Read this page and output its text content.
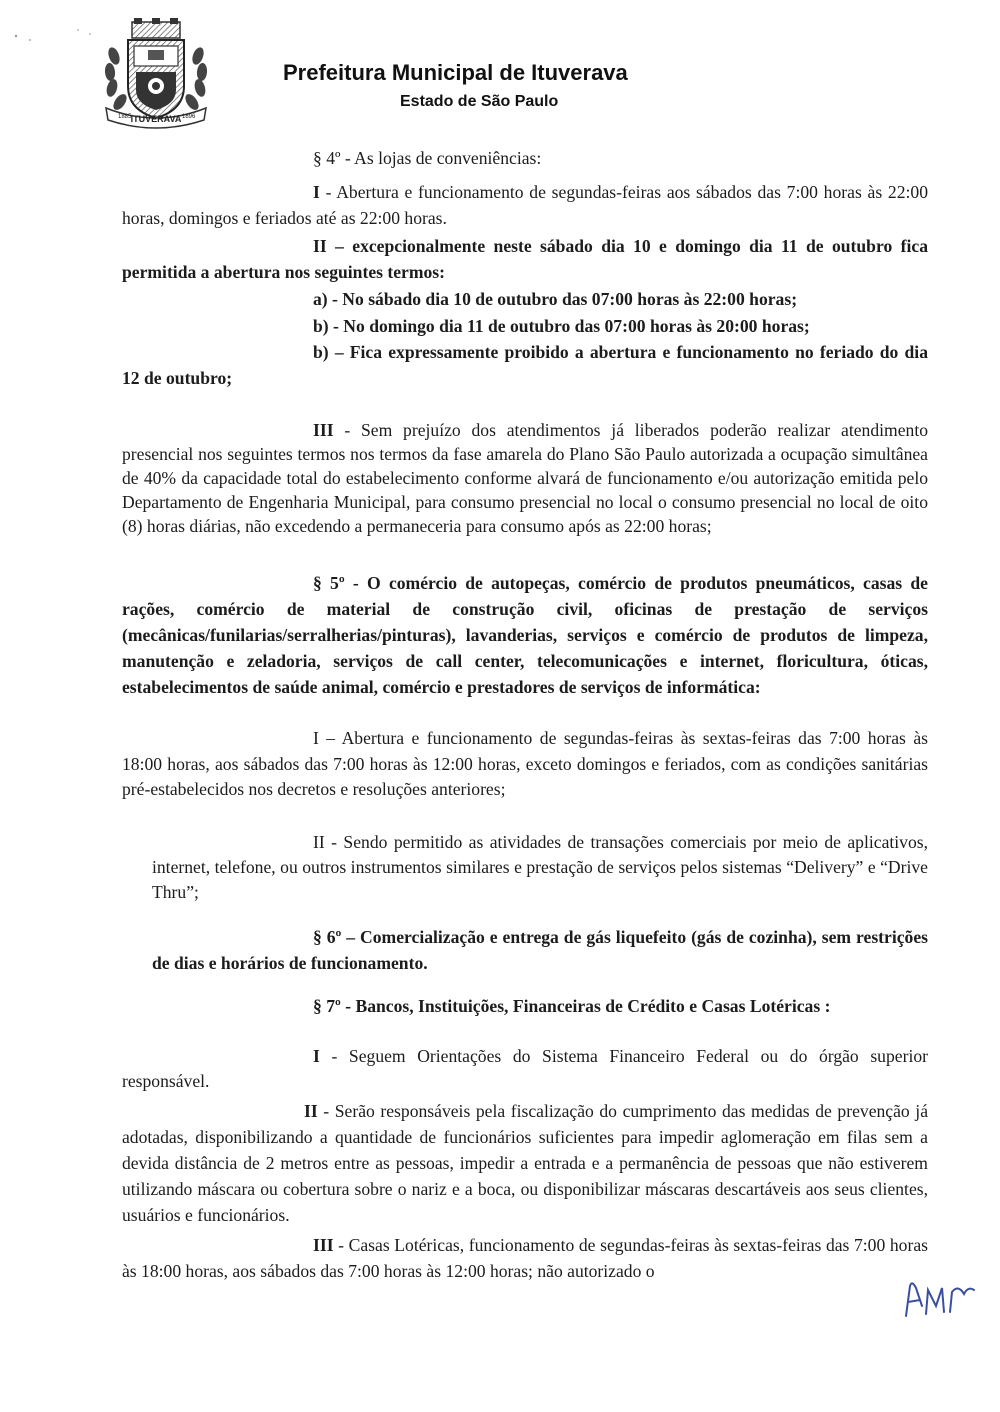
ITUVERAVA
1885	1896
Prefeitura Municipal de Ituverava
Estado de São Paulo
§ 4º - As lojas de conveniências:
I - Abertura e funcionamento de segundas-feiras aos sábados das 7:00 horas às 22:00 horas, domingos e feriados até as 22:00 horas.
II – excepcionalmente neste sábado dia 10 e domingo dia 11 de outubro fica permitida a abertura nos seguintes termos:
a) - No sábado dia 10 de outubro das 07:00 horas às 22:00 horas;
b) - No domingo dia 11 de outubro das 07:00 horas às 20:00 horas;
b) – Fica expressamente proibido a abertura e funcionamento no feriado do dia 12 de outubro;
III - Sem prejuízo dos atendimentos já liberados poderão realizar atendimento presencial nos seguintes termos nos termos da fase amarela do Plano São Paulo autorizada a ocupação simultânea de 40% da capacidade total do estabelecimento conforme alvará de funcionamento e/ou autorização emitida pelo Departamento de Engenharia Municipal, para consumo presencial no local o consumo presencial no local de oito (8) horas diárias, não excedendo a permaneceria para consumo após as 22:00 horas;
§ 5º - O comércio de autopeças, comércio de produtos pneumáticos, casas de rações, comércio de material de construção civil, oficinas de prestação de serviços (mecânicas/funilarias/serralherias/pinturas), lavanderias, serviços e comércio de produtos de limpeza, manutenção e zeladoria, serviços de call center, telecomunicações e internet, floricultura, óticas, estabelecimentos de saúde animal, comércio e prestadores de serviços de informática:
I – Abertura e funcionamento de segundas-feiras às sextas-feiras das 7:00 horas às 18:00 horas, aos sábados das 7:00 horas às 12:00 horas, exceto domingos e feriados, com as condições sanitárias pré-estabelecidos nos decretos e resoluções anteriores;
II - Sendo permitido as atividades de transações comerciais por meio de aplicativos, internet, telefone, ou outros instrumentos similares e prestação de serviços pelos sistemas “Delivery” e “Drive Thru”;
§ 6º – Comercialização e entrega de gás liquefeito (gás de cozinha), sem restrições de dias e horários de funcionamento.
§ 7º - Bancos, Instituições, Financeiras de Crédito e Casas Lotéricas :
I - Seguem Orientações do Sistema Financeiro Federal ou do órgão superior responsável.
II - Serão responsáveis pela fiscalização do cumprimento das medidas de prevenção já adotadas, disponibilizando a quantidade de funcionários suficientes para impedir aglomeração em filas sem a devida distância de 2 metros entre as pessoas, impedir a entrada e a permanência de pessoas que não estiverem utilizando máscara ou cobertura sobre o nariz e a boca, ou disponibilizar máscaras descartáveis aos seus clientes, usuários e funcionários.
III - Casas Lotéricas, funcionamento de segundas-feiras às sextas-feiras das 7:00 horas às 18:00 horas, aos sábados das 7:00 horas às 12:00 horas; não autorizado o
